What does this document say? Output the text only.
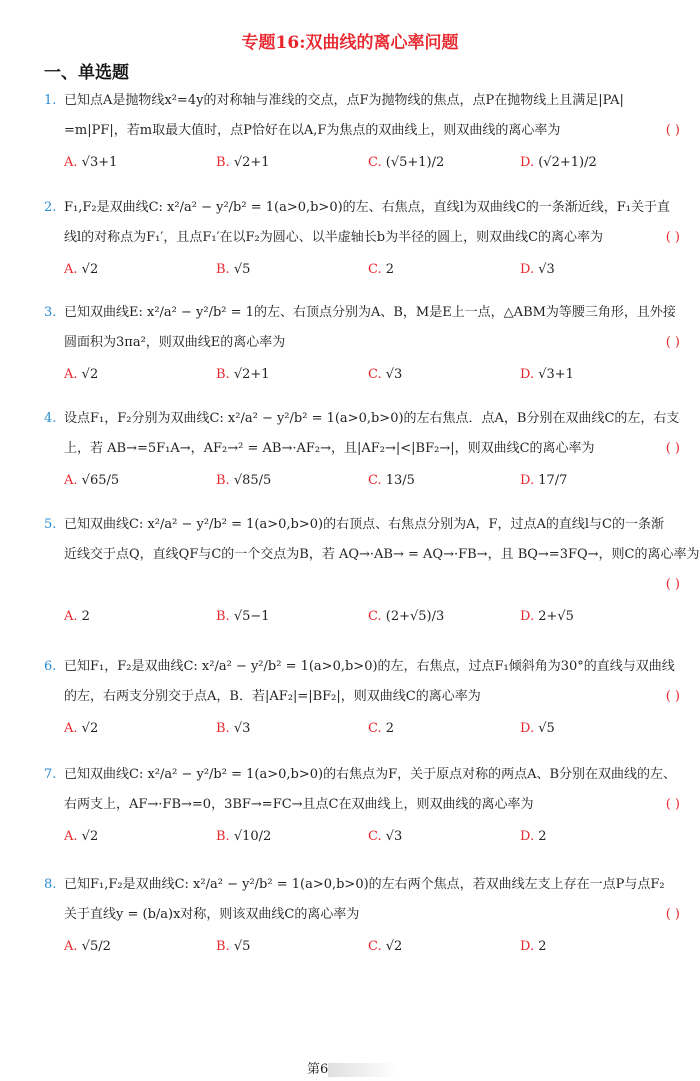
专题16:双曲线的离心率问题
一、单选题
1. 已知点A是抛物线x²=4y的对称轴与准线的交点，点F为抛物线的焦点，点P在抛物线上且满足|PA|
=m|PF|，若m取最大值时，点P恰好在以A,F为焦点的双曲线上，则双曲线的离心率为	( )
A. √3+1	B. √2+1	C. (√5+1)/2	D. (√2+1)/2
2. F₁,F₂是双曲线C: x²/a² − y²/b² = 1(a>0,b>0)的左、右焦点，直线l为双曲线C的一条渐近线，F₁关于直
线l的对称点为F₁′，且点F₁′在以F₂为圆心、以半虚轴长b为半径的圆上，则双曲线C的离心率为	( )
A. √2	B. √5	C. 2	D. √3
3. 已知双曲线E: x²/a² − y²/b² = 1的左、右顶点分别为A、B，M是E上一点，△ABM为等腰三角形，且外接
圆面积为3πa²，则双曲线E的离心率为	( )
A. √2	B. √2+1	C. √3	D. √3+1
4. 设点F₁，F₂分别为双曲线C: x²/a² − y²/b² = 1(a>0,b>0)的左右焦点．点A，B分别在双曲线C的左，右支
上，若 AB→=5F₁A→，AF₂→² = AB→·AF₂→，且|AF₂→|<|BF₂→|，则双曲线C的离心率为	( )
A. √65/5	B. √85/5	C. 13/5	D. 17/7
5. 已知双曲线C: x²/a² − y²/b² = 1(a>0,b>0)的右顶点、右焦点分别为A，F，过点A的直线l与C的一条渐
近线交于点Q，直线QF与C的一个交点为B，若 AQ→·AB→ = AQ→·FB→，且 BQ→=3FQ→，则C的离心率为
( )
A. 2	B. √5−1	C. (2+√5)/3	D. 2+√5
6. 已知F₁，F₂是双曲线C: x²/a² − y²/b² = 1(a>0,b>0)的左，右焦点，过点F₁倾斜角为30°的直线与双曲线
的左，右两支分别交于点A，B．若|AF₂|=|BF₂|，则双曲线C的离心率为	( )
A. √2	B. √3	C. 2	D. √5
7. 已知双曲线C: x²/a² − y²/b² = 1(a>0,b>0)的右焦点为F，关于原点对称的两点A、B分别在双曲线的左、
右两支上，AF→·FB→=0，3BF→=FC→且点C在双曲线上，则双曲线的离心率为	( )
A. √2	B. √10/2	C. √3	D. 2
8. 已知F₁,F₂是双曲线C: x²/a² − y²/b² = 1(a>0,b>0)的左右两个焦点，若双曲线左支上存在一点P与点F₂
关于直线y = (b/a)x对称，则该双曲线C的离心率为	( )
A. √5/2	B. √5	C. √2	D. 2
第6
